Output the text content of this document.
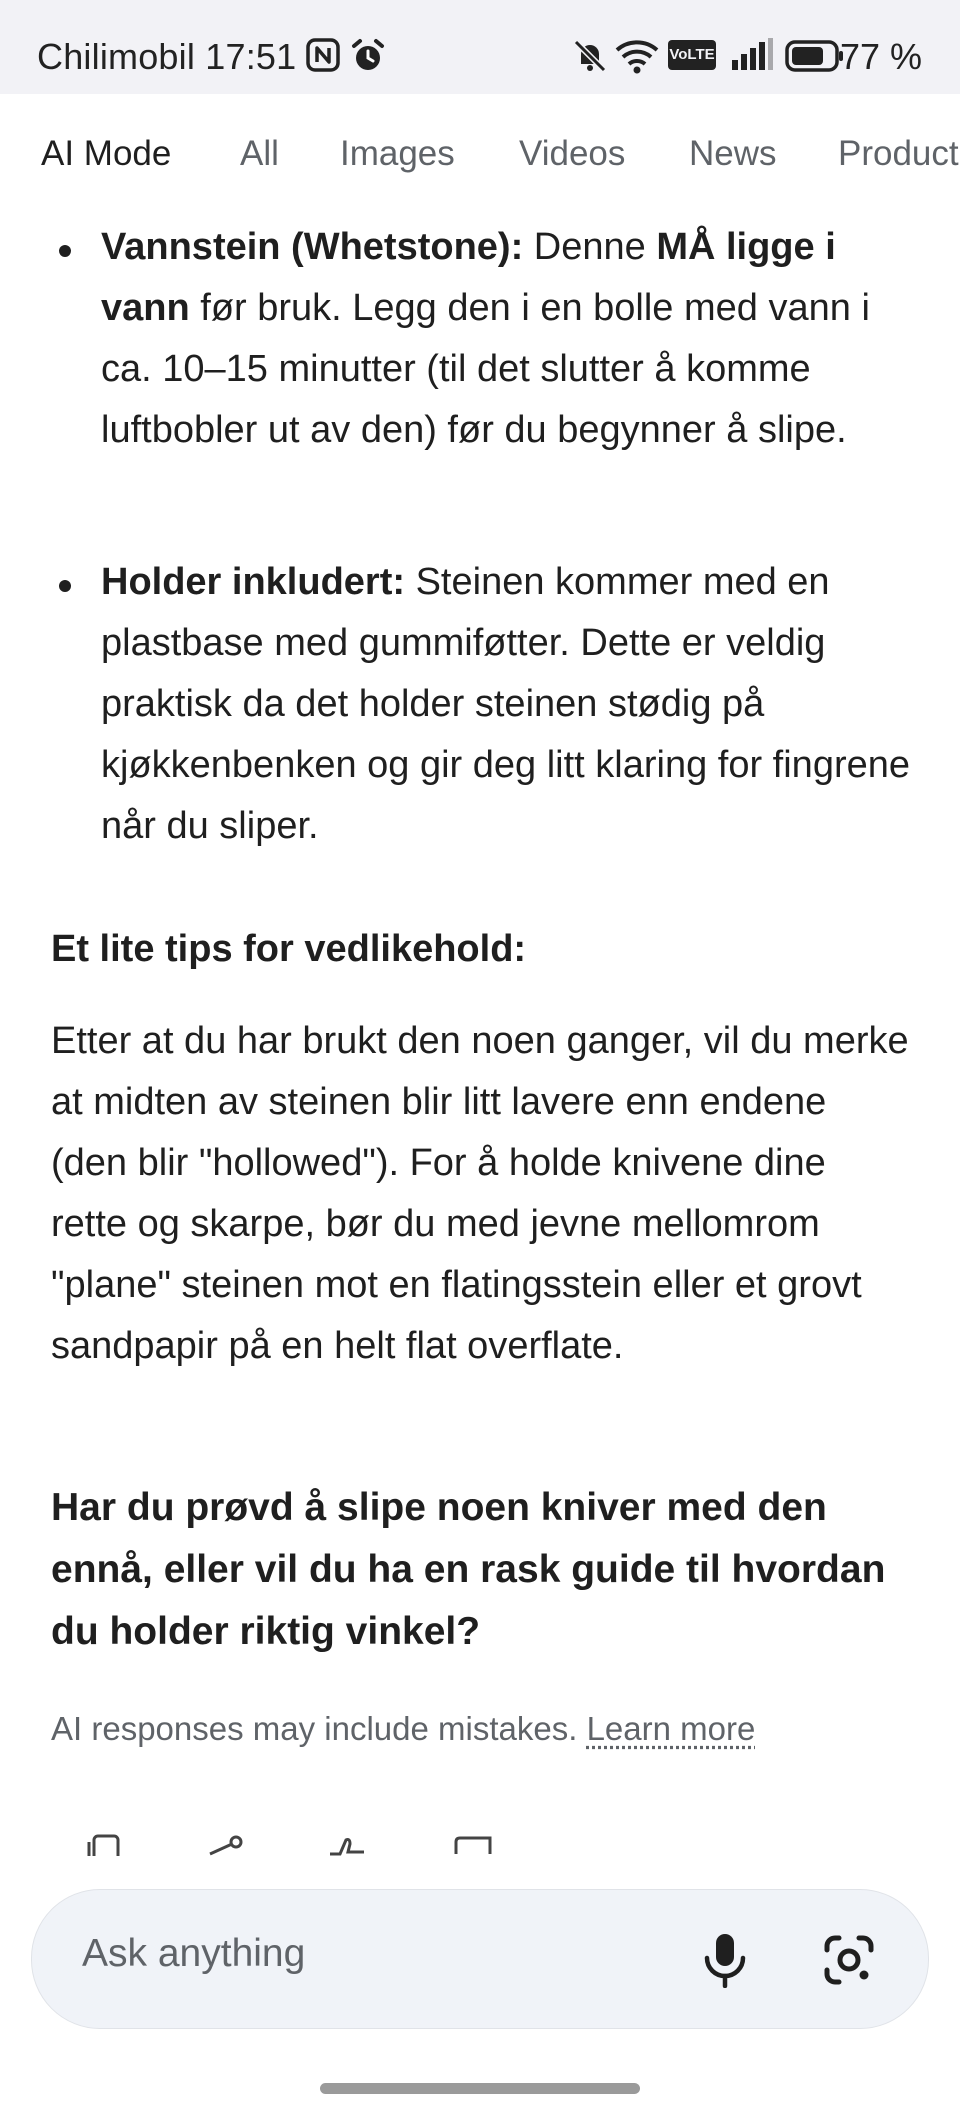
Chilimobil 17:51	VoLTE	77 %
AI Mode All Images Videos News Product
Vannstein (Whetstone): Denne MÅ ligge i vann før bruk. Legg den i en bolle med vann i ca. 10–15 minutter (til det slutter å komme luftbobler ut av den) før du begynner å slipe.
Holder inkludert: Steinen kommer med en plastbase med gummiføtter. Dette er veldig praktisk da det holder steinen stødig på kjøkkenbenken og gir deg litt klaring for fingrene når du sliper.
Et lite tips for vedlikehold:
Etter at du har brukt den noen ganger, vil du merke at midten av steinen blir litt lavere enn endene (den blir "hollowed"). For å holde knivene dine rette og skarpe, bør du med jevne mellomrom "plane" steinen mot en flatingsstein eller et grovt sandpapir på en helt flat overflate.
Har du prøvd å slipe noen kniver med den ennå, eller vil du ha en rask guide til hvordan du holder riktig vinkel?
AI responses may include mistakes. Learn more
Ask anything
